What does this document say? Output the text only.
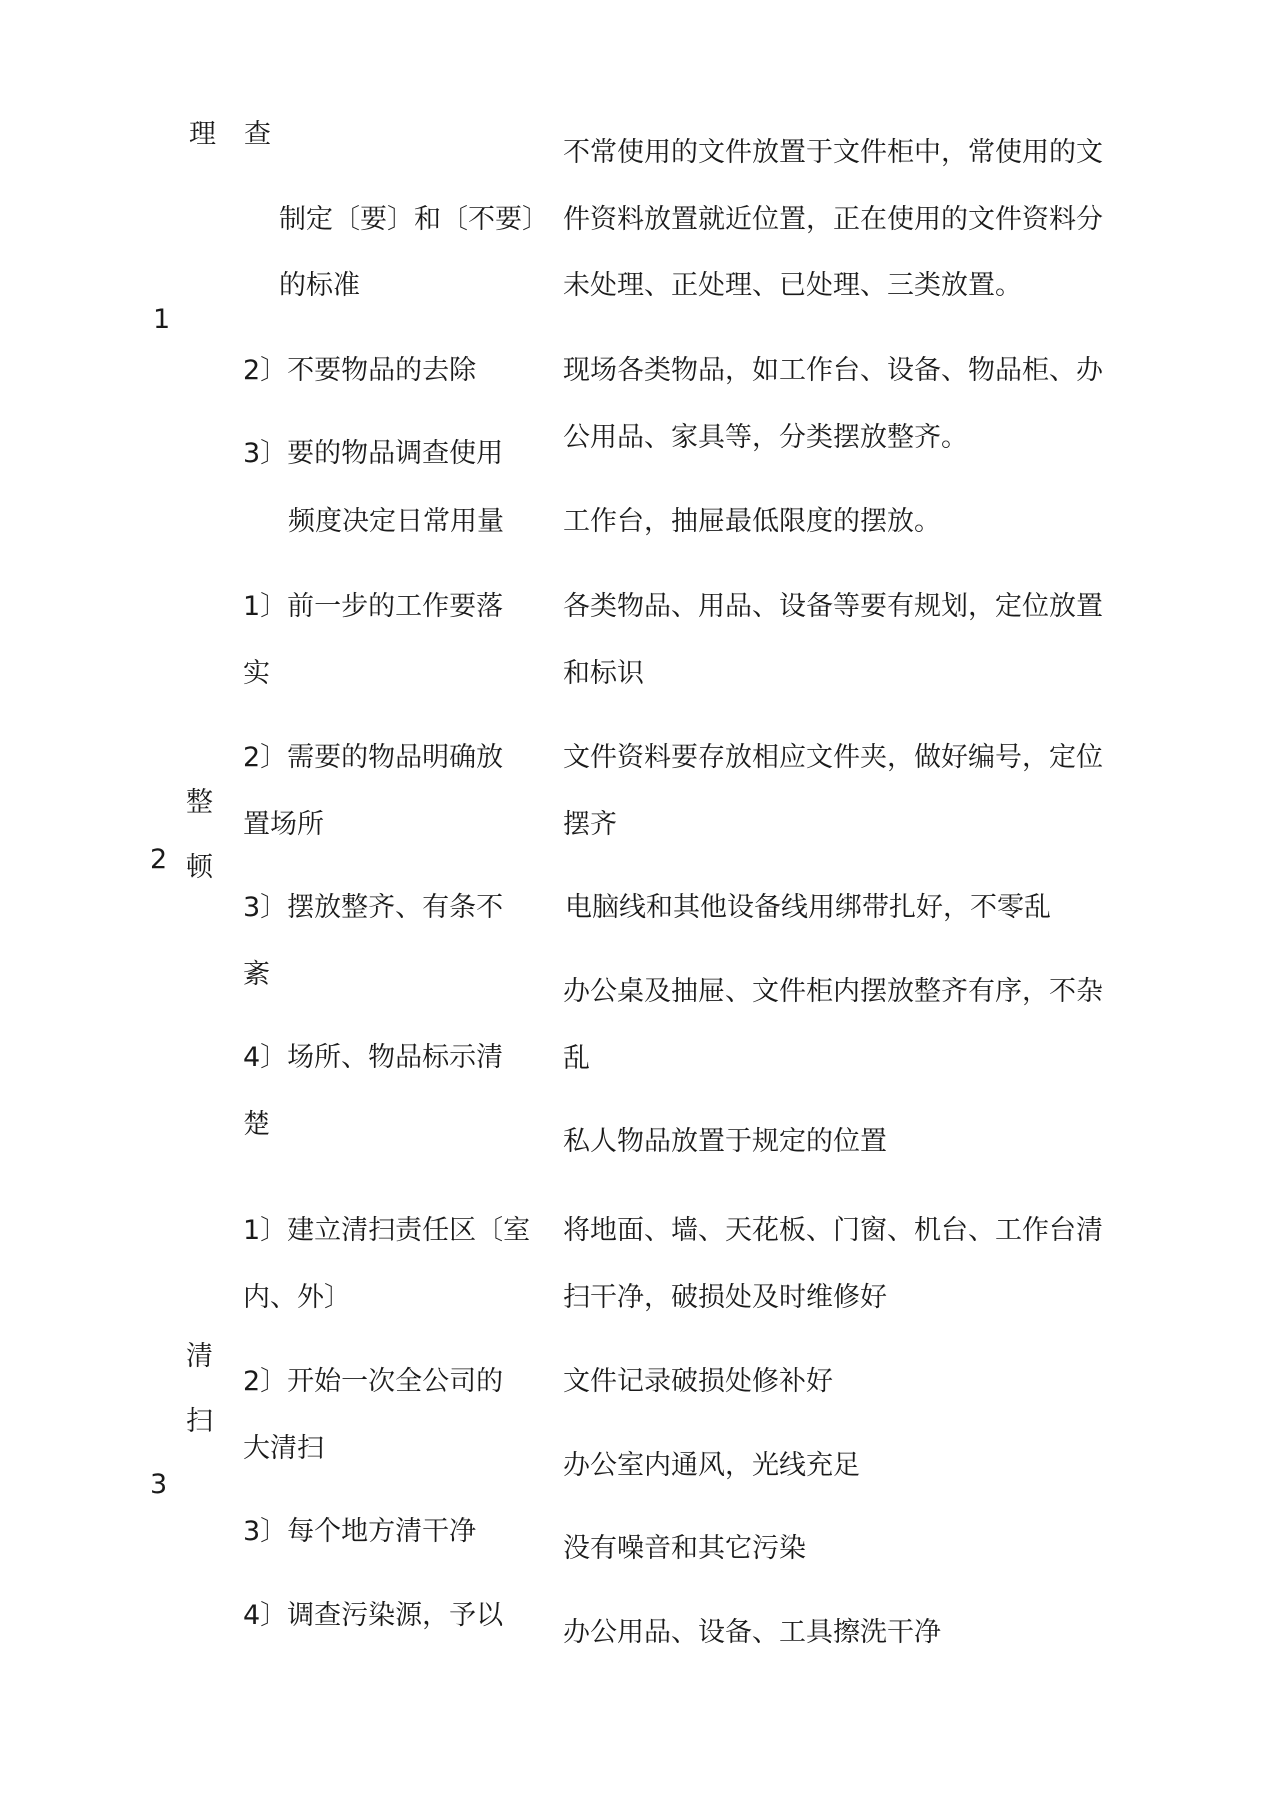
理 查
1
制定〔要〕和〔不要〕
的标准
2〕不要物品的去除
3〕要的物品调查使用
频度决定日常用量
不常使用的文件放置于文件柜中，常使用的文
件资料放置就近位置，正在使用的文件资料分
未处理、正处理、已处理、三类放置。
现场各类物品，如工作台、设备、物品柜、办
公用品、家具等，分类摆放整齐。
工作台，抽屉最低限度的摆放。
整
顿
2
1〕前一步的工作要落
实
2〕需要的物品明确放
置场所
3〕摆放整齐、有条不
紊
4〕场所、物品标示清
楚
各类物品、用品、设备等要有规划，定位放置
和标识
文件资料要存放相应文件夹，做好编号，定位
摆齐
电脑线和其他设备线用绑带扎好，不零乱
办公桌及抽屉、文件柜内摆放整齐有序，不杂
乱
私人物品放置于规定的位置
清
扫
3
1〕建立清扫责任区〔室
内、外〕
2〕开始一次全公司的
大清扫
3〕每个地方清干净
4〕调查污染源，予以
将地面、墙、天花板、门窗、机台、工作台清
扫干净，破损处及时维修好
文件记录破损处修补好
办公室内通风，光线充足
没有噪音和其它污染
办公用品、设备、工具擦洗干净
